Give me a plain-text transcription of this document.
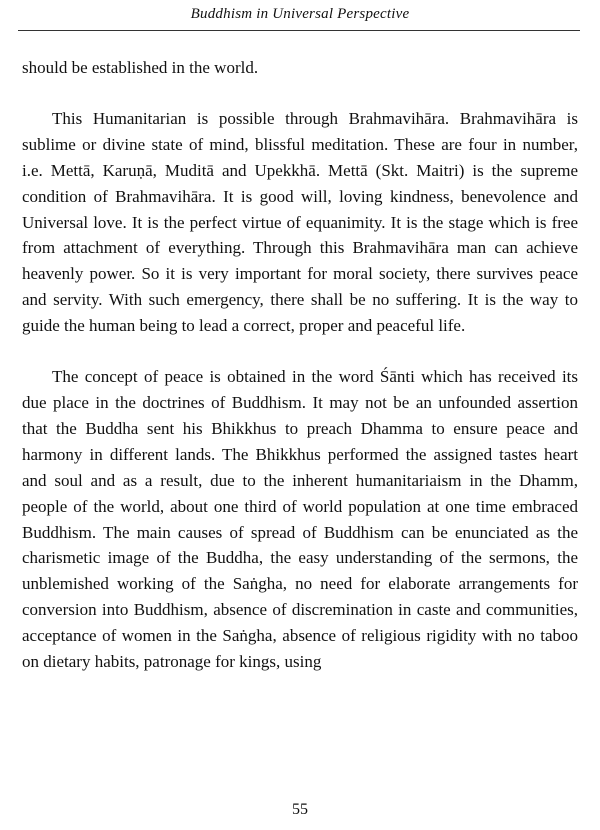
Buddhism in Universal Perspective

should be established in the world.

This Humanitarian is possible through Brahmavihāra. Brahmavihāra is sublime or divine state of mind, blissful meditation. These are four in number, i.e. Mettā, Karuṇā, Muditā and Upekkhā. Mettā (Skt. Maitri) is the supreme condition of Brahmavihāra. It is good will, loving kindness, benevolence and Universal love. It is the perfect virtue of equanimity. It is the stage which is free from attachment of everything. Through this Brahmavihāra man can achieve heavenly power. So it is very important for moral society, there survives peace and servity. With such emergency, there shall be no suffering. It is the way to guide the human being to lead a correct, proper and peaceful life.

The concept of peace is obtained in the word Śānti which has received its due place in the doctrines of Buddhism. It may not be an unfounded assertion that the Buddha sent his Bhikkhus to preach Dhamma to ensure peace and harmony in different lands. The Bhikkhus performed the assigned tastes heart and soul and as a result, due to the inherent humanitariaism in the Dhamm, people of the world, about one third of world population at one time embraced Buddhism. The main causes of spread of Buddhism can be enunciated as the charismetic image of the Buddha, the easy understanding of the sermons, the unblemished working of the Saṅgha, no need for elaborate arrangements for conversion into Buddhism, absence of discremination in caste and communities, acceptance of women in the Saṅgha, absence of religious rigidity with no taboo on dietary habits, patronage for kings, using

55
